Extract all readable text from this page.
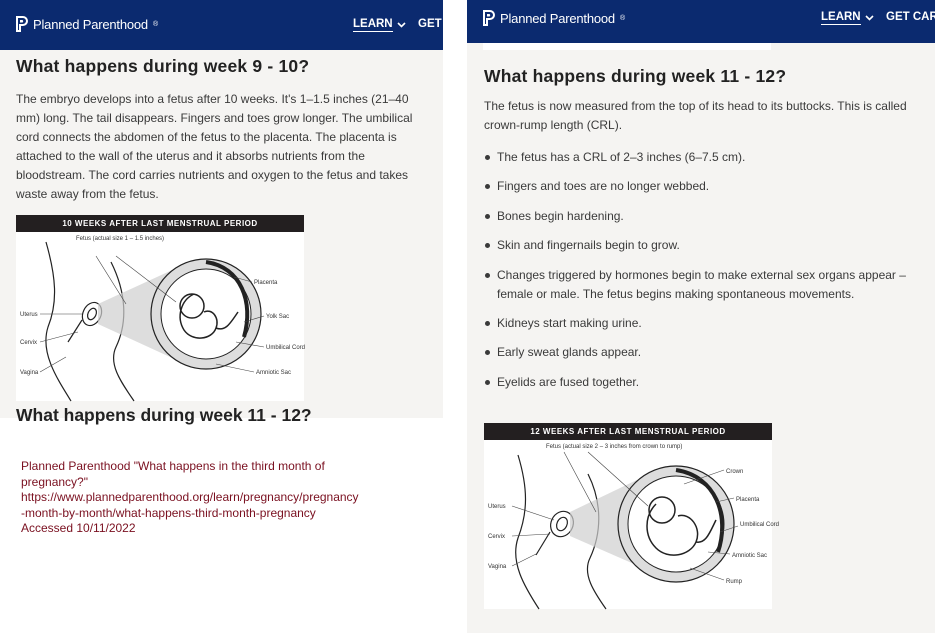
Planned Parenthood ®	LEARN GET C
What happens during week 9 - 10?

The embryo develops into a fetus after 10 weeks. It's 1–1.5 inches (21–40 mm) long. The tail disappears. Fingers and toes grow longer. The umbilical cord connects the abdomen of the fetus to the placenta. The placenta is attached to the wall of the uterus and it absorbs nutrients from the bloodstream. The cord carries nutrients and oxygen to the fetus and takes waste away from the fetus.

What happens during week 11 - 12?
10 WEEKS AFTER LAST MENSTRUAL PERIOD
Fetus (actual size 1 – 1.5 inches)
Placenta
Uterus	Yolk Sac
Cervix
Umbilical Cord
Vagina	Amniotic Sac
Planned Parenthood ®	LEARN GET CARE
What happens during week 11 - 12?

The fetus is now measured from the top of its head to its buttocks. This is called crown-rump length (CRL).

The fetus has a CRL of 2–3 inches (6–7.5 cm).
Fingers and toes are no longer webbed.
Bones begin hardening.
Skin and fingernails begin to grow.
Changes triggered by hormones begin to make external sex organs appear – female or male. The fetus begins making spontaneous movements.
Kidneys start making urine.
Early sweat glands appear.
Eyelids are fused together.
12 WEEKS AFTER LAST MENSTRUAL PERIOD
Fetus (actual size 2 – 3 inches from crown to rump)
Crown
Placenta
Uterus
Umbilical Cord
Cervix
Amniotic Sac
Vagina
Rump
Planned Parenthood "What happens in the third month of
pregnancy?"
https://www.plannedparenthood.org/learn/pregnancy/pregnancy
-month-by-month/what-happens-third-month-pregnancy
Accessed 10/11/2022
